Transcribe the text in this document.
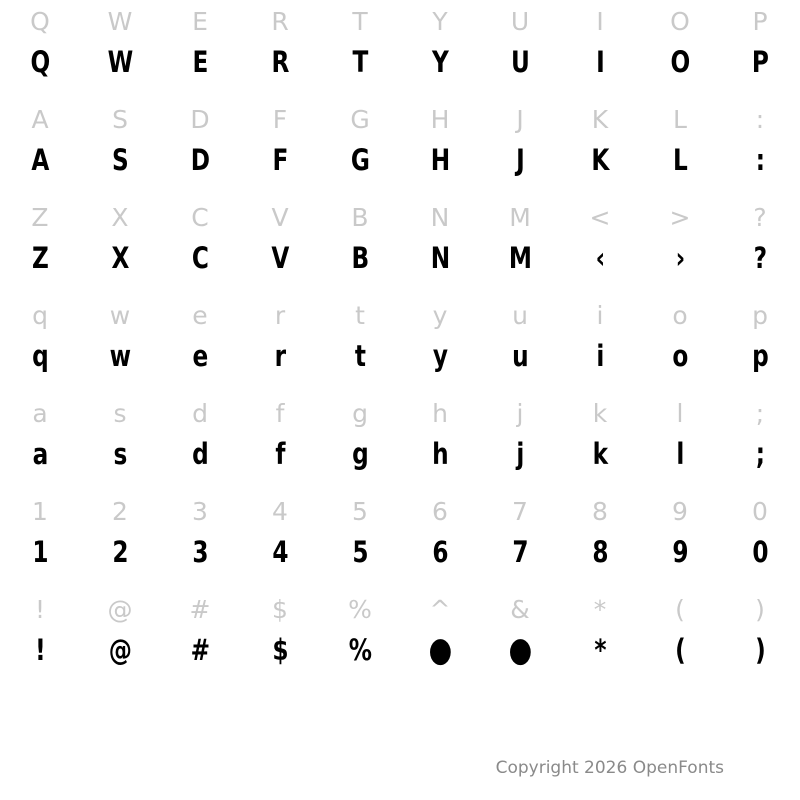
Q
Q
W
W
E
E
R
R
T
T
Y
Y
U
U
I
I
O
O
P
P
A
A
S
S
D
D
F
F
G
G
H
H
J
J
K
K
L
L
:
:
Z
Z
X
X
C
C
V
V
B
B
N
N
M
M
<
‹
>
›
?
?
q
q
w
w
e
e
r
r
t
t
y
y
u
u
i
i
o
o
p
p
a
a
s
s
d
d
f
f
g
g
h
h
j
j
k
k
l
l
;
;
1
1
2
2
3
3
4
4
5
5
6
6
7
7
8
8
9
9
0
0
!
!
@
@
#
#
$
$
%
%
^
●
&
●
*
*
(
(
)
)
Copyright 2026 OpenFonts
